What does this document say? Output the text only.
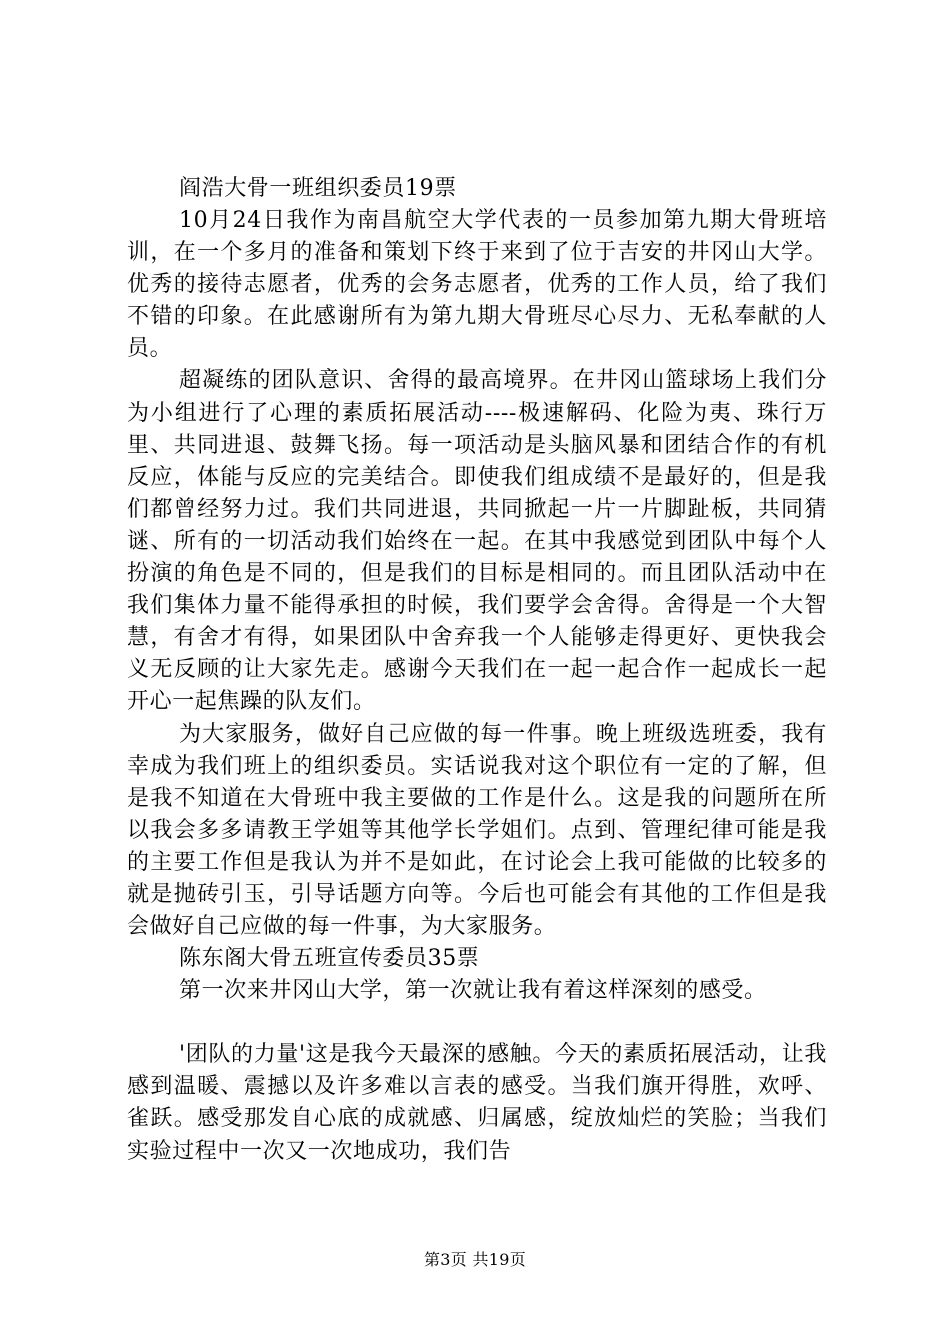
阎浩大骨一班组织委员19票

10月24日我作为南昌航空大学代表的一员参加第九期大骨班培训，在一个多月的准备和策划下终于来到了位于吉安的井冈山大学。优秀的接待志愿者，优秀的会务志愿者，优秀的工作人员，给了我们不错的印象。在此感谢所有为第九期大骨班尽心尽力、无私奉献的人员。

超凝练的团队意识、舍得的最高境界。在井冈山篮球场上我们分为小组进行了心理的素质拓展活动----极速解码、化险为夷、珠行万里、共同进退、鼓舞飞扬。每一项活动是头脑风暴和团结合作的有机反应，体能与反应的完美结合。即使我们组成绩不是最好的，但是我们都曾经努力过。我们共同进退，共同掀起一片一片脚趾板，共同猜谜、所有的一切活动我们始终在一起。在其中我感觉到团队中每个人扮演的角色是不同的，但是我们的目标是相同的。而且团队活动中在我们集体力量不能得承担的时候，我们要学会舍得。舍得是一个大智慧，有舍才有得，如果团队中舍弃我一个人能够走得更好、更快我会义无反顾的让大家先走。感谢今天我们在一起一起合作一起成长一起开心一起焦躁的队友们。

为大家服务，做好自己应做的每一件事。晚上班级选班委，我有幸成为我们班上的组织委员。实话说我对这个职位有一定的了解，但是我不知道在大骨班中我主要做的工作是什么。这是我的问题所在所以我会多多请教王学姐等其他学长学姐们。点到、管理纪律可能是我的主要工作但是我认为并不是如此，在讨论会上我可能做的比较多的就是抛砖引玉，引导话题方向等。今后也可能会有其他的工作但是我会做好自己应做的每一件事，为大家服务。

陈东阁大骨五班宣传委员35票

第一次来井冈山大学，第一次就让我有着这样深刻的感受。

'团队的力量'这是我今天最深的感触。今天的素质拓展活动，让我感到温暖、震撼以及许多难以言表的感受。当我们旗开得胜，欢呼、雀跃。感受那发自心底的成就感、归属感，绽放灿烂的笑脸；当我们实验过程中一次又一次地成功，我们告

第3页 共19页
